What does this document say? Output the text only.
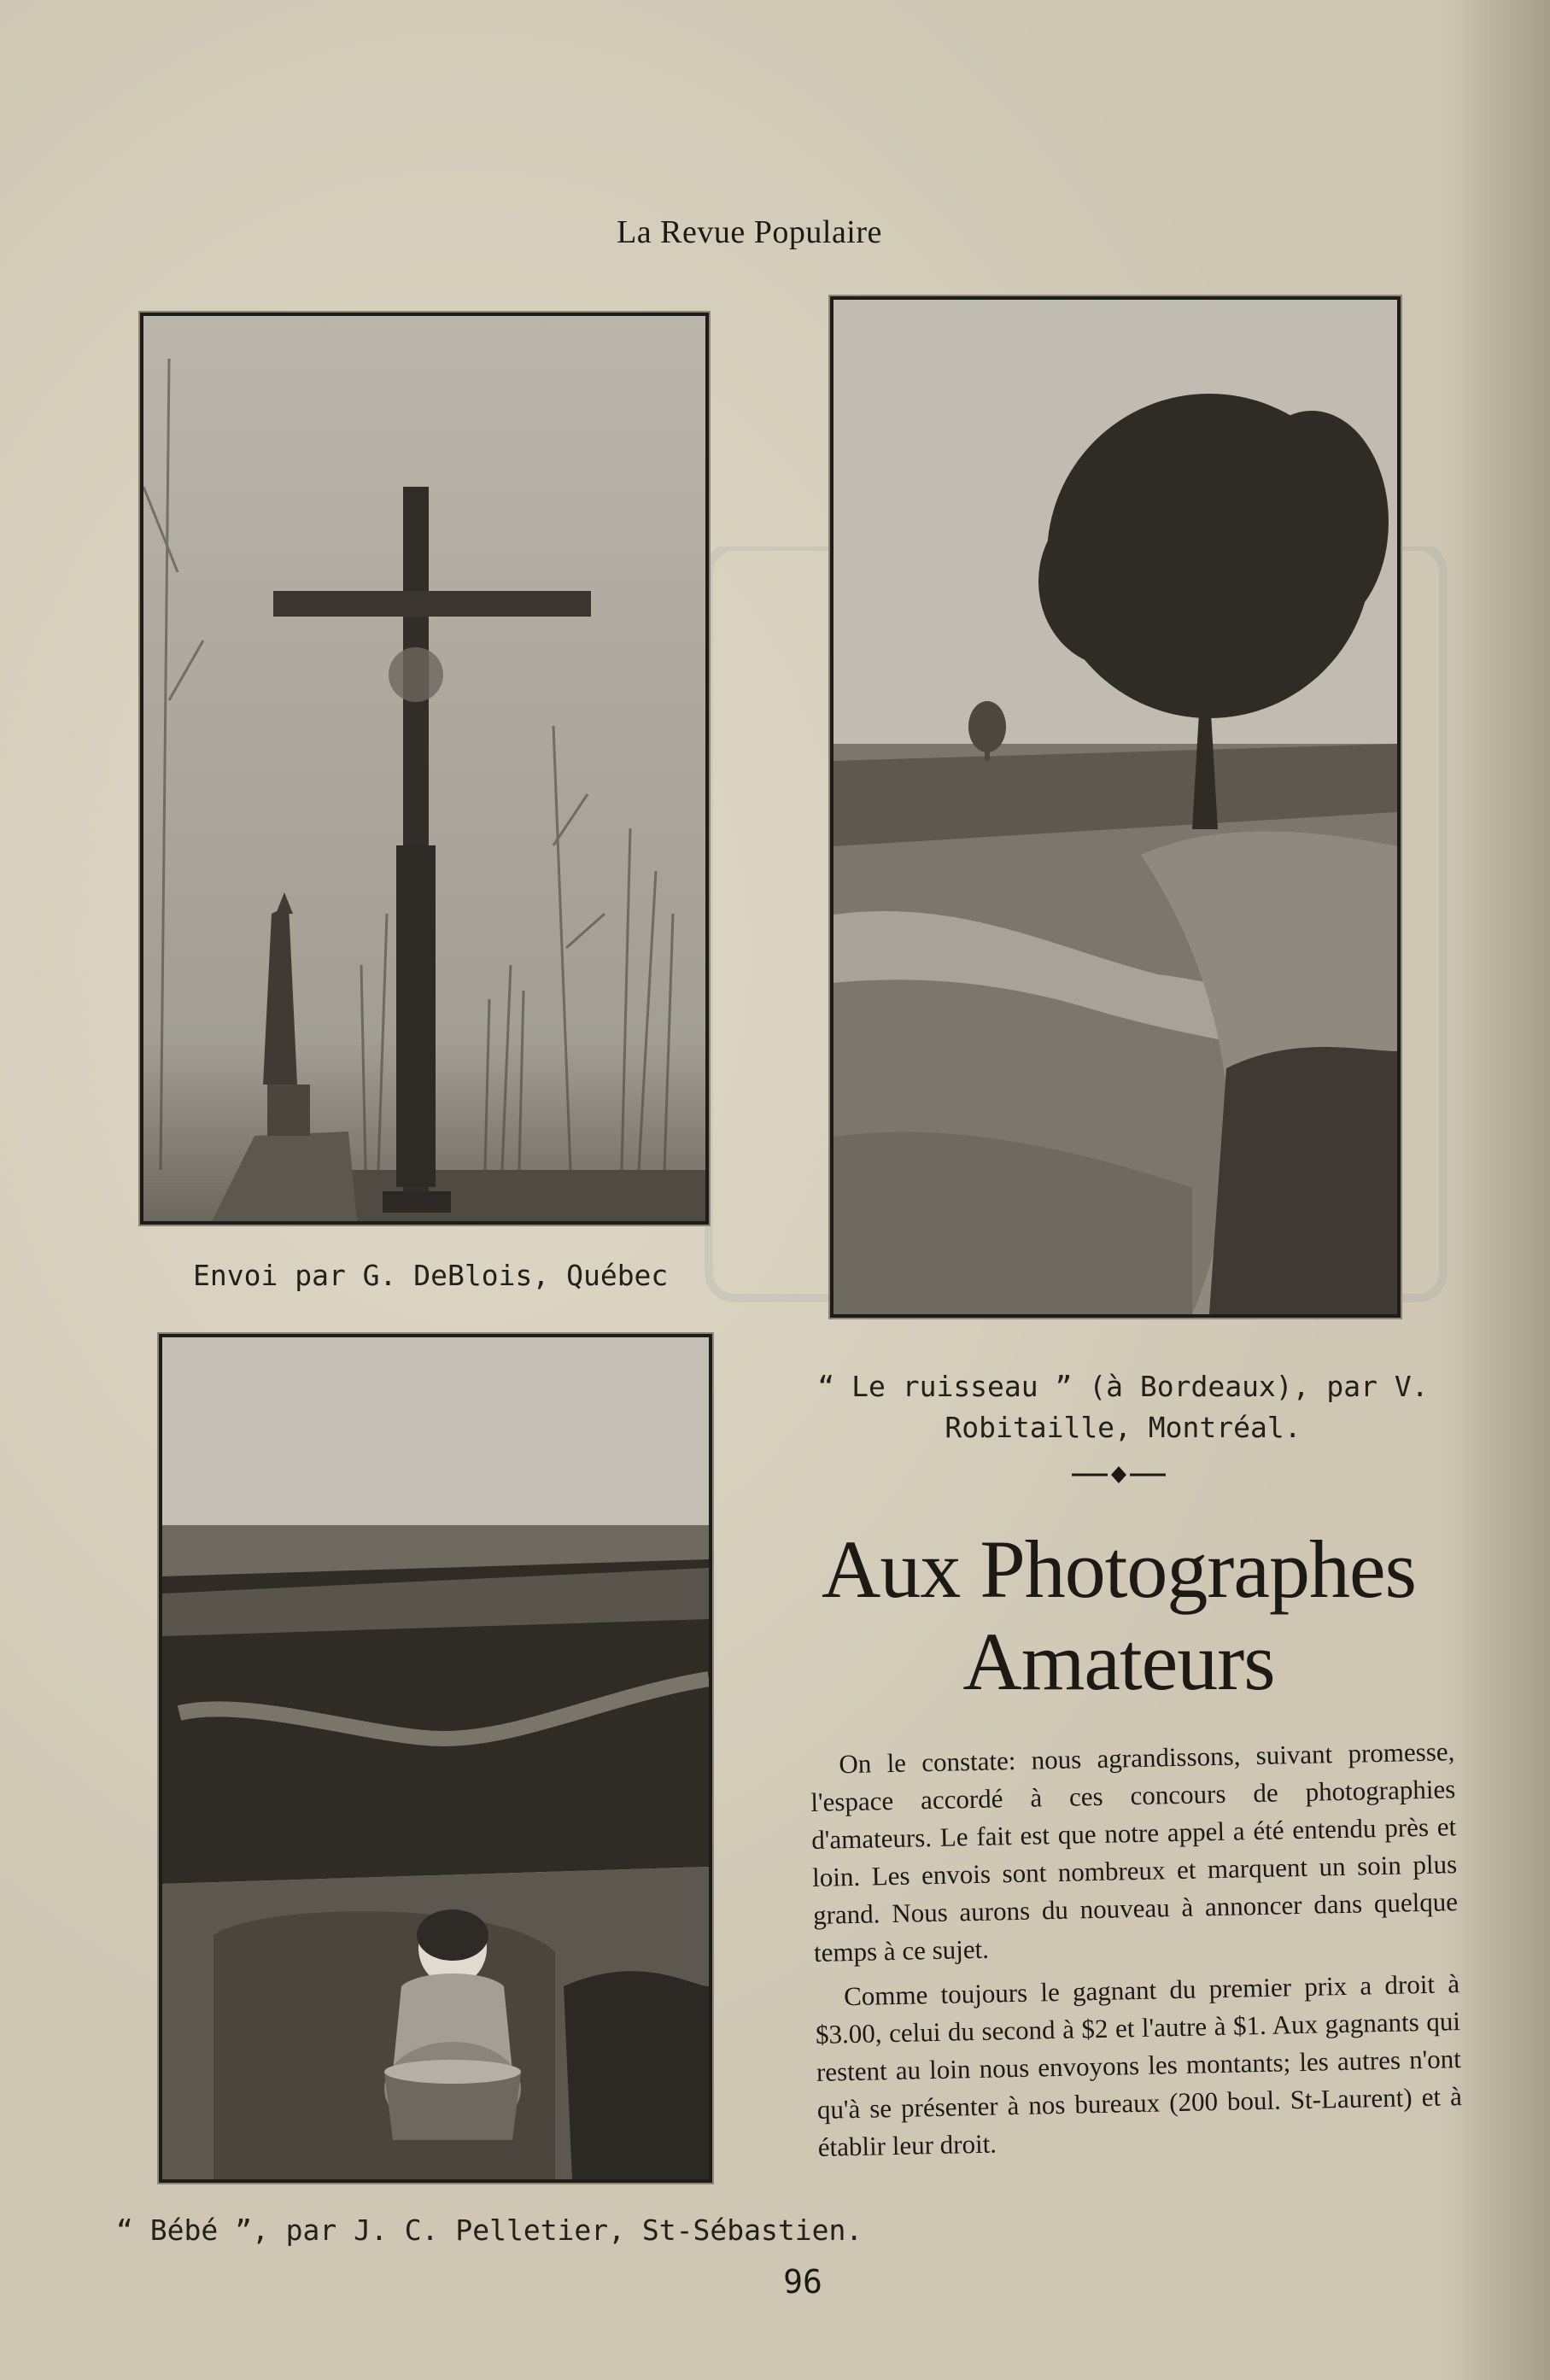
La Revue Populaire
Envoi par G. DeBlois, Québec
“ Le ruisseau ” (à Bordeaux), par V. Robitaille, Montréal.
“ Bébé ”, par J. C. Pelletier, St-Sébastien.
Aux Photographes
Amateurs

On le constate: nous agrandissons, suivant promesse, l'espace accordé à ces concours de photographies d'amateurs. Le fait est que notre appel a été entendu près et loin. Les envois sont nombreux et marquent un soin plus grand. Nous aurons du nouveau à annoncer dans quelque temps à ce sujet.

Comme toujours le gagnant du premier prix a droit à $3.00, celui du second à $2 et l'autre à $1. Aux gagnants qui restent au loin nous envoyons les montants; les autres n'ont qu'à se présenter à nos bureaux (200 boul. St-Laurent) et à établir leur droit.

96
